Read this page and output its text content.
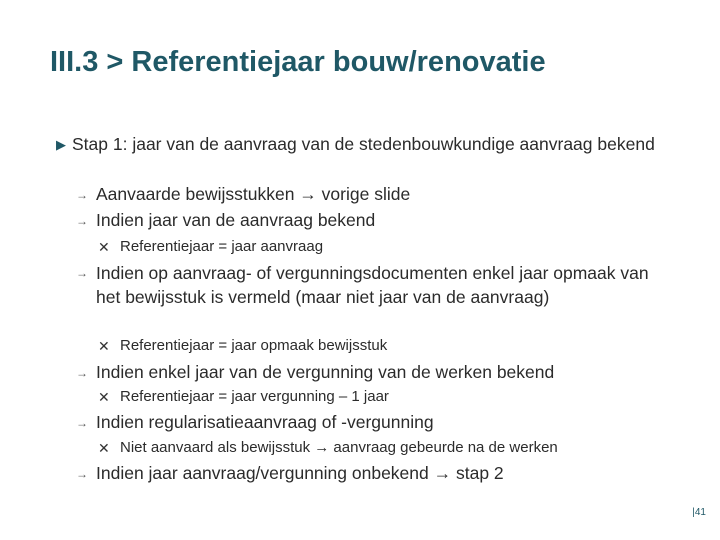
III.3 > Referentiejaar bouw/renovatie
▶ Stap 1: jaar van de aanvraag van de stedenbouwkundige aanvraag bekend
→ Aanvaarde bewijsstukken → vorige slide
→ Indien jaar van de aanvraag bekend
✕ Referentiejaar = jaar aanvraag
→ Indien op aanvraag- of vergunningsdocumenten enkel jaar opmaak van het bewijsstuk is vermeld (maar niet jaar van de aanvraag)
✕ Referentiejaar = jaar opmaak bewijsstuk
→ Indien enkel jaar van de vergunning van de werken bekend
✕ Referentiejaar = jaar vergunning – 1 jaar
→ Indien regularisatieaanvraag of -vergunning
✕ Niet aanvaard als bewijsstuk → aanvraag gebeurde na de werken
→ Indien jaar aanvraag/vergunning onbekend → stap 2
|41
